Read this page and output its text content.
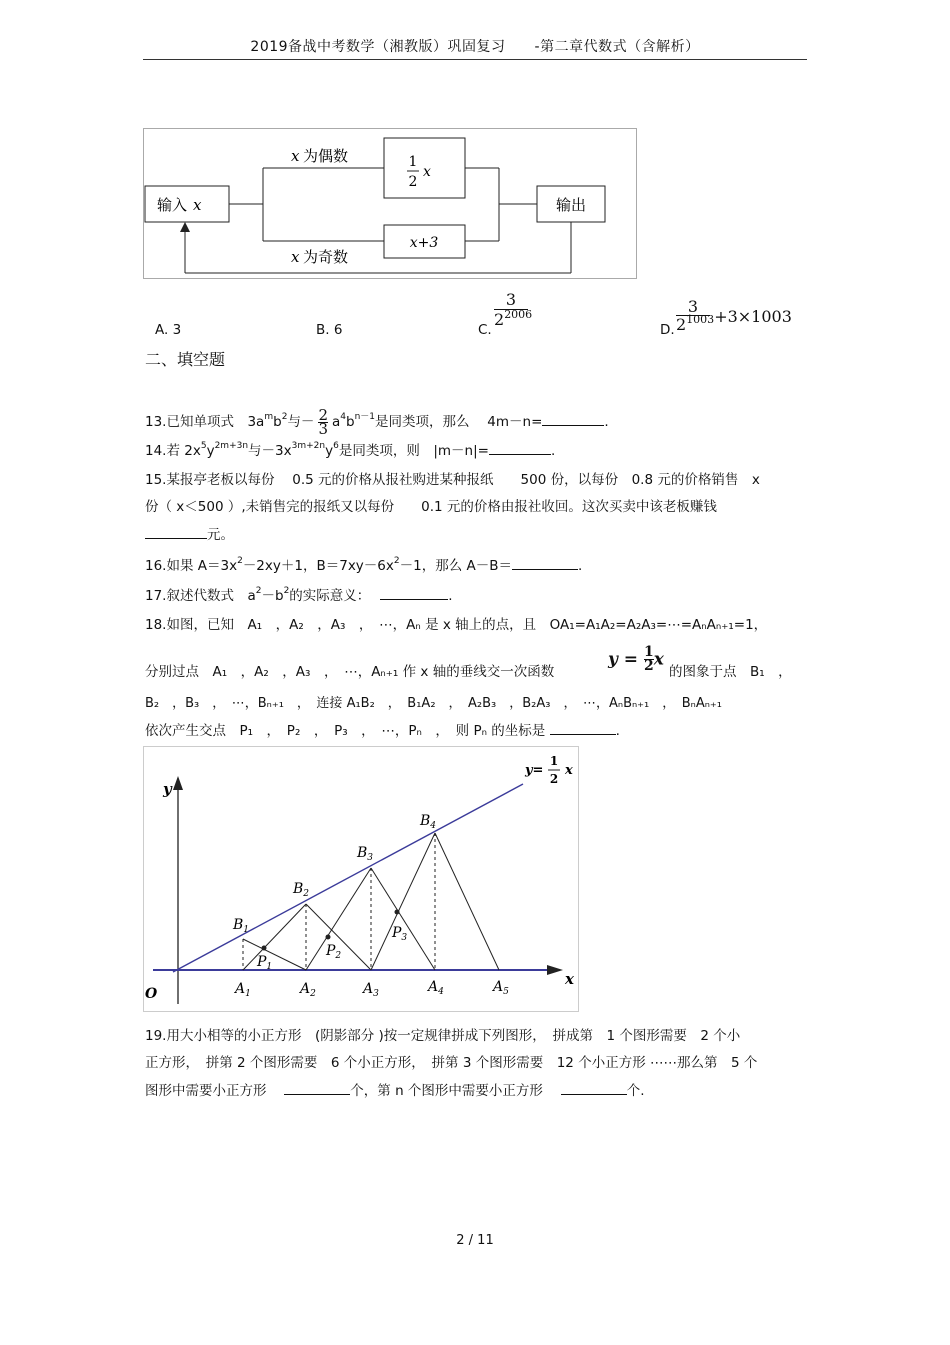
2019备战中考数学（湘教版）巩固复习　　-第二章代数式（含解析）
输入 x
x 为偶数
x 为奇数
1
2
x
x+3
输出
A. 3	B. 6	C.
3
$2^{2006}$
D. $\frac{3}{2^{1003}} +3\times 1003$
二、填空题
13.已知单项式　$3a^mb^2$与－ $\frac{2}{3} a^4b^{n-1}$是同类项，那么　 4m－n=	.
14.若 $2x^5y^{2m+3n}$与$-3x^{3m+2n}y^6$是同类项，则　|m－n|=	.
15.某报亭老板以每份　 0.5 元的价格从报社购进某种报纸　　500 份，以每份　0.8 元的价格销售　x
份（ x＜500 ）,未销售完的报纸又以每份　　0.1 元的价格由报社收回。这次买卖中该老板赚钱
元。
16.如果 $A=3x^2-2xy+1$，$B=7xy-6x^2-1$，那么 A－B＝	.
17.叙述代数式　$a^2-b^2$的实际意义：	.
18.如图，已知　A₁　，A₂　，A₃　，　⋯，Aₙ 是 x 轴上的点，且　OA₁=A₁A₂=A₂A₃=⋯=AₙAₙ₊₁=1，
分别过点　A₁　，A₂　，A₃　，　⋯，Aₙ₊₁ 作 x 轴的垂线交一次函数
$y = \frac{1}{2}$ x
的图象于点　B₁　，
B₂　，B₃　，　⋯，Bₙ₊₁　，　连接 A₁B₂　，　B₁A₂　，　A₂B₃　，B₂A₃　，　⋯，AₙBₙ₊₁　，　BₙAₙ₊₁
依次产生交点　P₁　，　P₂　，　P₃　，　⋯，Pₙ　，　则 Pₙ 的坐标是	.
y
x
O
y=
1
2
x
$A_1$	$A_2$	$A_3$	$A_4$	$A_5$
$B_1$
$B_2$
$B_3$
$B_4$
$P_1$
$P_2$
$P_3$
19.用大小相等的小正方形　(阴影部分 )按一定规律拼成下列图形，　拼成第　1 个图形需要　2 个小
正方形，　拼第 2 个图形需要　6 个小正方形，　拼第 3 个图形需要　12 个小正方形 ⋯⋯那么第　5 个
图形中需要小正方形　	个，第 n 个图形中需要小正方形　	个.
2 / 11
